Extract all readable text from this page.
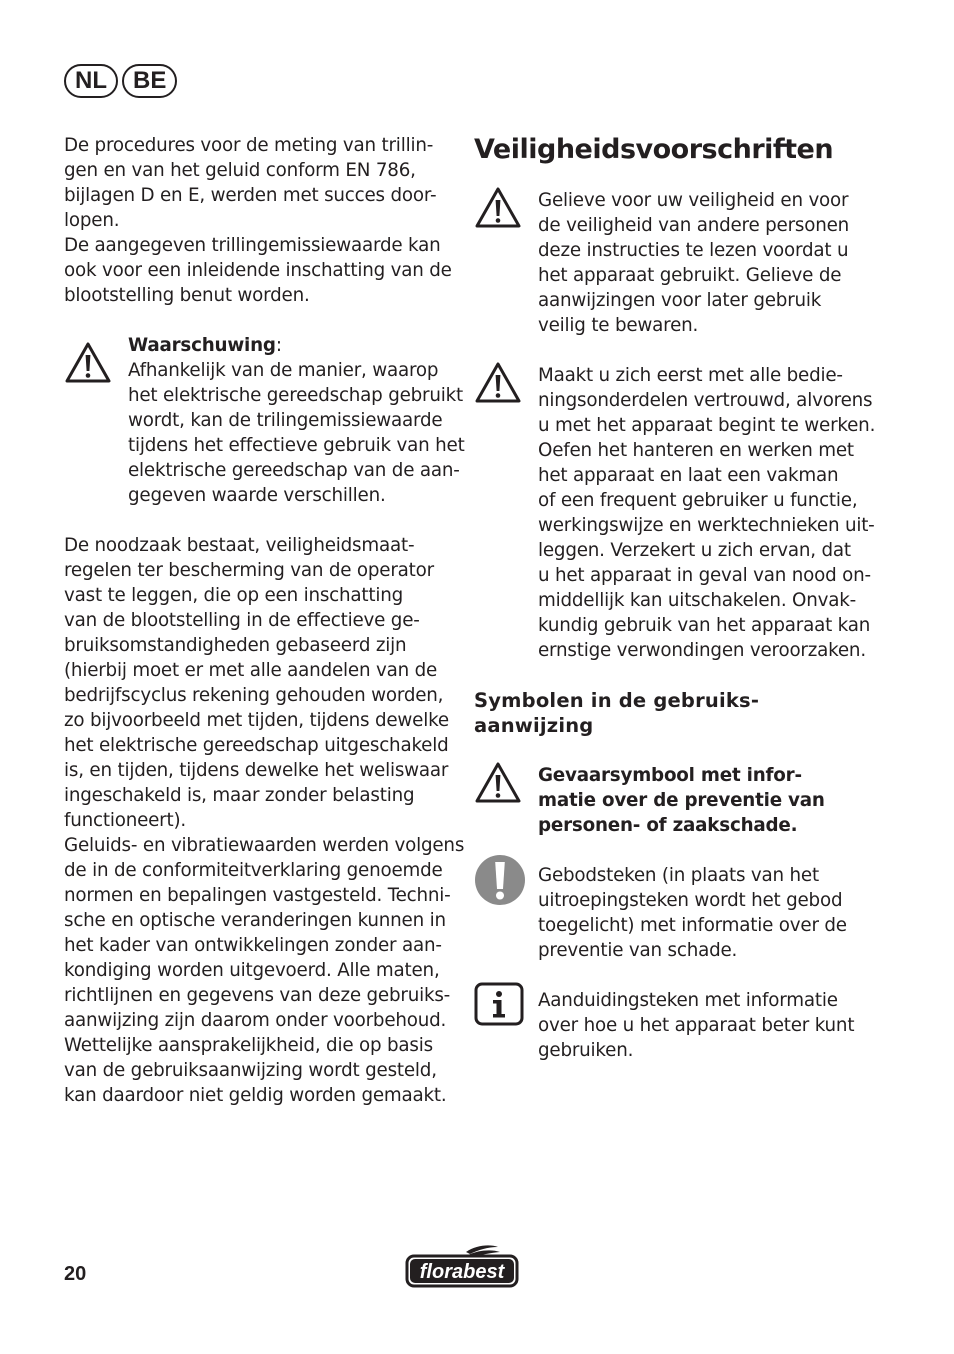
NL	BE
De procedures voor de meting van trillin-
gen en van het geluid conform EN 786,
bijlagen D en E, werden met succes door-
lopen.
De aangegeven trillingemissiewaarde kan
ook voor een inleidende inschatting van de
blootstelling benut worden.
Waarschuwing:
Afhankelijk van de manier, waarop
het elektrische gereedschap gebruikt
wordt, kan de trilingemissiewaarde
tijdens het effectieve gebruik van het
elektrische gereedschap van de aan-
gegeven waarde verschillen.
De noodzaak bestaat, veiligheidsmaat-
regelen ter bescherming van de operator
vast te leggen, die op een inschatting
van de blootstelling in de effectieve ge-
bruiksomstandigheden gebaseerd zijn
(hierbij moet er met alle aandelen van de
bedrijfscyclus rekening gehouden worden,
zo bijvoorbeeld met tijden, tijdens dewelke
het elektrische gereedschap uitgeschakeld
is, en tijden, tijdens dewelke het weliswaar
ingeschakeld is, maar zonder belasting
functioneert).
Geluids- en vibratiewaarden werden volgens
de in de conformiteitverklaring genoemde
normen en bepalingen vastgesteld. Techni-
sche en optische veranderingen kunnen in
het kader van ontwikkelingen zonder aan-
kondiging worden uitgevoerd. Alle maten,
richtlijnen en gegevens van deze gebruiks-
aanwijzing zijn daarom onder voorbehoud.
Wettelijke aansprakelijkheid, die op basis
van de gebruiksaanwijzing wordt gesteld,
kan daardoor niet geldig worden gemaakt.
Veiligheidsvoorschriften
Gelieve voor uw veiligheid en voor
de veiligheid van andere personen
deze instructies te lezen voordat u
het apparaat gebruikt. Gelieve de
aanwijzingen voor later gebruik
veilig te bewaren.
Maakt u zich eerst met alle bedie-
ningsonderdelen vertrouwd, alvorens
u met het apparaat begint te werken.
Oefen het hanteren en werken met
het apparaat en laat een vakman
of een frequent gebruiker u functie,
werkingswijze en werktechnieken uit-
leggen. Verzekert u zich ervan, dat
u het apparaat in geval van nood on-
middellijk kan uitschakelen. Onvak-
kundig gebruik van het apparaat kan
ernstige verwondingen veroorzaken.
Symbolen in de gebruiks-
aanwijzing
Gevaarsymbool met infor-
matie over de preventie van
personen- of zaakschade.
Gebodsteken (in plaats van het
uitroepingsteken wordt het gebod
toegelicht) met informatie over de
preventie van schade.
Aanduidingsteken met informatie
over hoe u het apparaat beter kunt
gebruiken.
20	florabest
